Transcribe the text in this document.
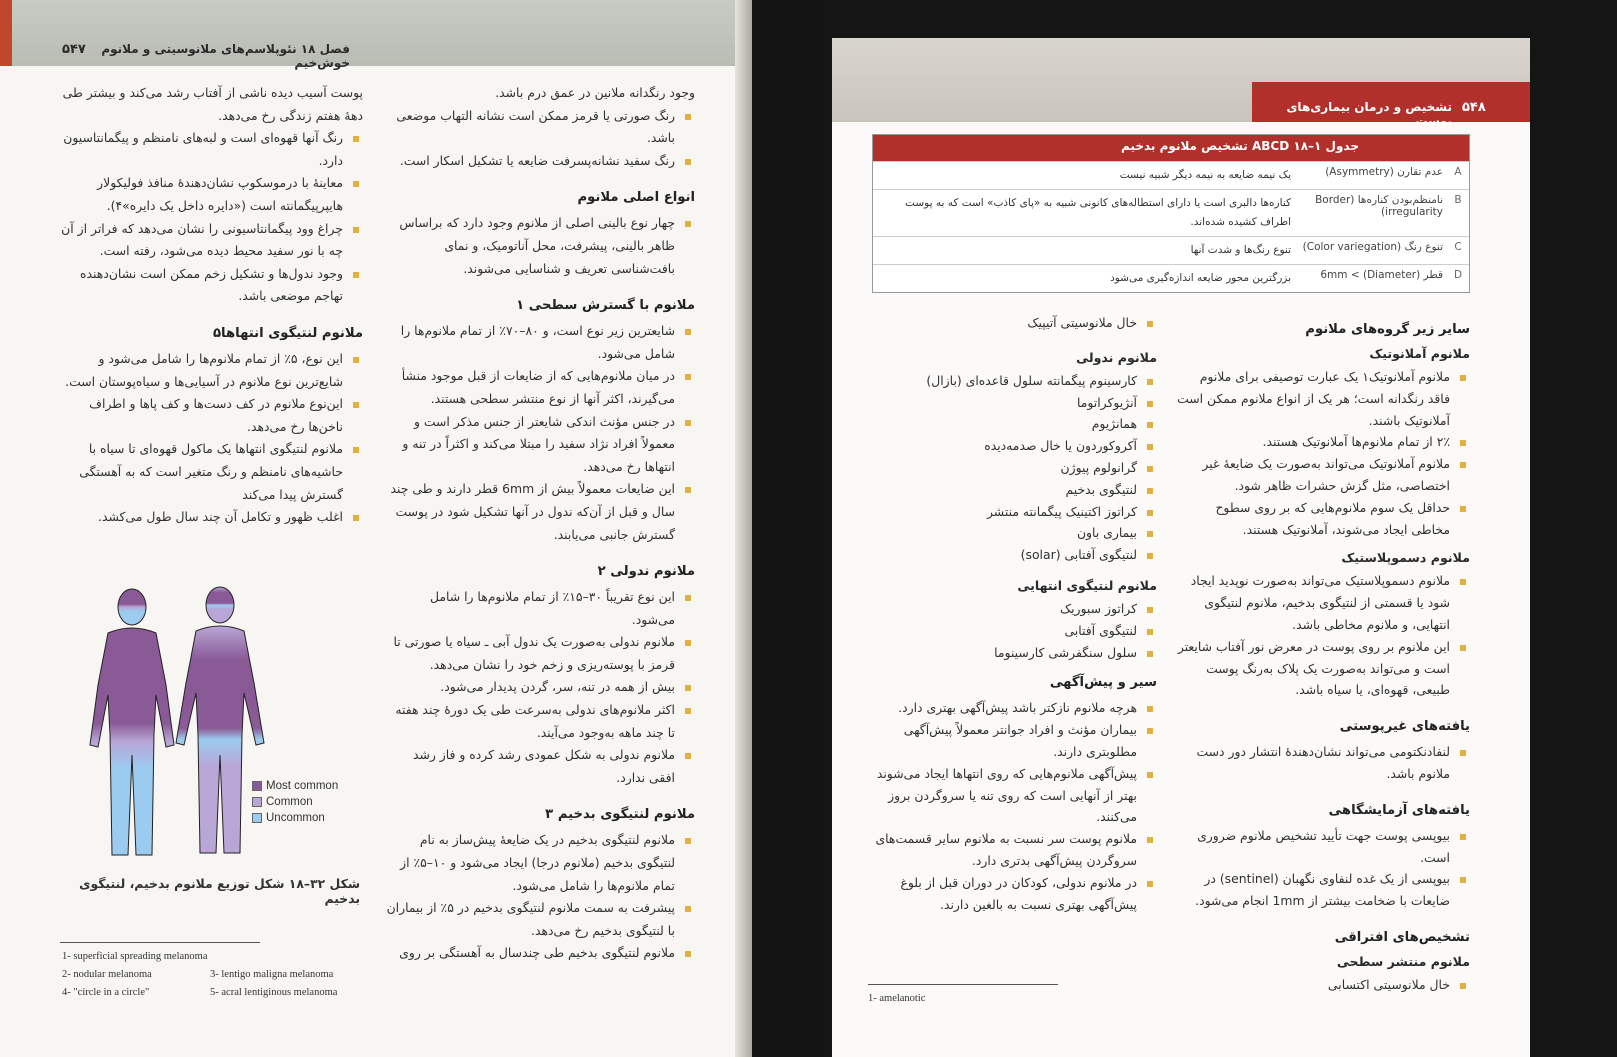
۵۴۷	فصل ۱۸ نئوپلاسم‌های ملانوسیتی و ملانوم خوش‌خیم
وجود رنگدانه ملانین در عمق درم باشد.
رنگ صورتی یا قرمز ممکن است نشانه التهاب موضعی باشد.
رنگ سفید نشانه‌پسرفت ضایعه یا تشکیل اسکار است.
انواع اصلی ملانوم
چهار نوع بالینی اصلی از ملانوم وجود دارد که براساس ظاهر بالینی، پیشرفت، محل آناتومیک، و نمای بافت‌شناسی تعریف و شناسایی می‌شوند.
ملانوم با گسترش سطحی ۱
شایعترین زیر نوع است، و ۸۰–۷۰٪ از تمام ملانوم‌ها را شامل می‌شود.
در میان ملانوم‌هایی که از ضایعات از قبل موجود منشأ می‌گیرند، اکثر آنها از نوع منتشر سطحی هستند.
در جنس مؤنث اندکی شایعتر از جنس مذکر است و معمولاً افراد نژاد سفید را مبتلا می‌کند و اکثراً در تنه و انتهاها رخ می‌دهد.
این ضایعات معمولاً بیش از 6mm قطر دارند و طی چند سال و قبل از آن‌که ندول در آنها تشکیل شود در پوست گسترش جانبی می‌یابند.
ملانوم ندولی ۲
این نوع تقریباً ۳۰–۱۵٪ از تمام ملانوم‌ها را شامل می‌شود.
ملانوم ندولی به‌صورت یک ندول آبی ـ سیاه یا صورتی تا قرمز با پوسته‌ریزی و زخم خود را نشان می‌دهد.
بیش از همه در تنه، سر، گردن پدیدار می‌شود.
اکثر ملانوم‌های ندولی به‌سرعت طی یک دورهٔ چند هفته تا چند ماهه به‌وجود می‌آیند.
ملانوم ندولی به شکل عمودی رشد کرده و فاز رشد افقی ندارد.
ملانوم لنتیگوی بدخیم ۳
ملانوم لنتیگوی بدخیم در یک ضایعهٔ پیش‌ساز به نام لنتیگوی بدخیم (ملانوم درجا) ایجاد می‌شود و ۱۰–۵٪ از تمام ملانوم‌ها را شامل می‌شود.
پیشرفت به سمت ملانوم لنتیگوی بدخیم در ۵٪ از بیماران با لنتیگوی بدخیم رخ می‌دهد.
ملانوم لنتیگوی بدخیم طی چندسال به آهستگی بر روی
پوست آسیب دیده ناشی از آفتاب رشد می‌کند و بیشتر طی دههٔ هفتم زندگی رخ می‌دهد.
رنگ آنها قهوه‌ای است و لبه‌های نامنظم و پیگمانتاسیون دارد.
معاینهٔ با درموسکوپ نشان‌دهندهٔ منافذ فولیکولار هایپرپیگمانته است («دایره داخل یک دایره»۴).
چراغ وود پیگمانتاسیونی را نشان می‌دهد که فراتر از آن چه با نور سفید محیط دیده می‌شود، رفته است.
وجود ندول‌ها و تشکیل زخم ممکن است نشان‌دهنده تهاجم موضعی باشد.
ملانوم لنتیگوی انتهاها۵
این نوع، ۵٪ از تمام ملانوم‌ها را شامل می‌شود و شایع‌ترین نوع ملانوم در آسیایی‌ها و سیاه‌پوستان است.
این‌نوع ملانوم در کف دست‌ها و کف پاها و اطراف ناخن‌ها رخ می‌دهد.
ملانوم لنتیگوی انتهاها یک ماکول قهوه‌ای تا سیاه با حاشیه‌های نامنظم و رنگ متغیر است که به آهستگی گسترش پیدا می‌کند
اغلب ظهور و تکامل آن چند سال طول می‌کشد.
Most common
Common
Uncommon
شکل ۳۲–۱۸ شکل توزیع ملانوم بدخیم، لنتیگوی بدخیم
1- superficial spreading melanoma
2- nodular melanoma	3- lentigo maligna melanoma
4- "circle in a circle"	5- acral lentiginous melanoma
۵۴۸
تشخیص و درمان بیماری‌های پوست
جدول ۱–۱۸ ABCD تشخیص ملانوم بدخیم
A
عدم تقارن (Asymmetry)
یک نیمه ضایعه به نیمه دیگر شبیه نیست
B
نامنظم‌بودن کناره‌ها (Border irregularity)
کناره‌ها دالبری است یا دارای استطاله‌های کانونی شبیه به «پای کاذب» است که به پوست اطراف کشیده شده‌اند.
C
تنوع رنگ (Color variegation)
تنوع رنگ‌ها و شدت آنها
D
قطر (Diameter) > 6mm
بزرگترین محور ضایعه اندازه‌گیری می‌شود
سایر زیر گروه‌های ملانوم
ملانوم آملانوتیک
ملانوم آملانوتیک۱ یک عبارت توصیفی برای ملانوم فاقد رنگدانه است؛ هر یک از انواع ملانوم ممکن است آملانوتیک باشند.
۲٪ از تمام ملانوم‌ها آملانوتیک هستند.
ملانوم آملانوتیک می‌تواند به‌صورت یک ضایعهٔ غیر اختصاصی، مثل گزش حشرات ظاهر شود.
حداقل یک سوم ملانوم‌هایی که بر روی سطوح مخاطی ایجاد می‌شوند، آملانوتیک هستند.
ملانوم دسموپلاستیک
ملانوم دسموپلاستیک می‌تواند به‌صورت نوپدید ایجاد شود یا قسمتی از لنتیگوی بدخیم، ملانوم لنتیگوی انتهایی، و ملانوم مخاطی باشد.
این ملانوم بر روی پوست در معرض نور آفتاب شایعتر است و می‌تواند به‌صورت یک پلاک به‌رنگ پوست طبیعی، قهوه‌ای، یا سیاه باشد.
یافته‌های غیرپوستی
لنفادنکتومی می‌تواند نشان‌دهندهٔ انتشار دور دست ملانوم باشد.
یافته‌های آزمایشگاهی
بیوپسی پوست جهت تأیید تشخیص ملانوم ضروری است.
بیوپسی از یک غده لنفاوی نگهبان (sentinel) در ضایعات با ضخامت بیشتر از 1mm انجام می‌شود.
تشخیص‌های افتراقی
ملانوم منتشر سطحی
خال ملانوسیتی اکتسابی
خال ملانوسیتی آتیپیک
ملانوم ندولی
کارسینوم پیگمانته سلول قاعده‌ای (بازال)
آنژیوکراتوما
همانژیوم
آکروکوردون یا خال صدمه‌دیده
گرانولوم پیوژن
لنتیگوی بدخیم
کراتوز اکتینیک پیگمانته منتشر
بیماری باون
لنتیگوی آفتابی (solar)
ملانوم لنتیگوی انتهایی
کراتوز سبوریک
لنتیگوی آفتابی
سلول سنگفرشی کارسینوما
سیر و پیش‌آگهی
هرچه ملانوم نازکتر باشد پیش‌آگهی بهتری دارد.
بیماران مؤنث و افراد جوانتر معمولاً پیش‌آگهی مطلوبتری دارند.
پیش‌آگهی ملانوم‌هایی که روی انتهاها ایجاد می‌شوند بهتر از آنهایی است که روی تنه یا سروگردن بروز می‌کنند.
ملانوم پوست سر نسبت به ملانوم سایر قسمت‌های سروگردن پیش‌آگهی بدتری دارد.
در ملانوم ندولی، کودکان در دوران قبل از بلوغ پیش‌آگهی بهتری نسبت به بالغین دارند.
1- amelanotic
